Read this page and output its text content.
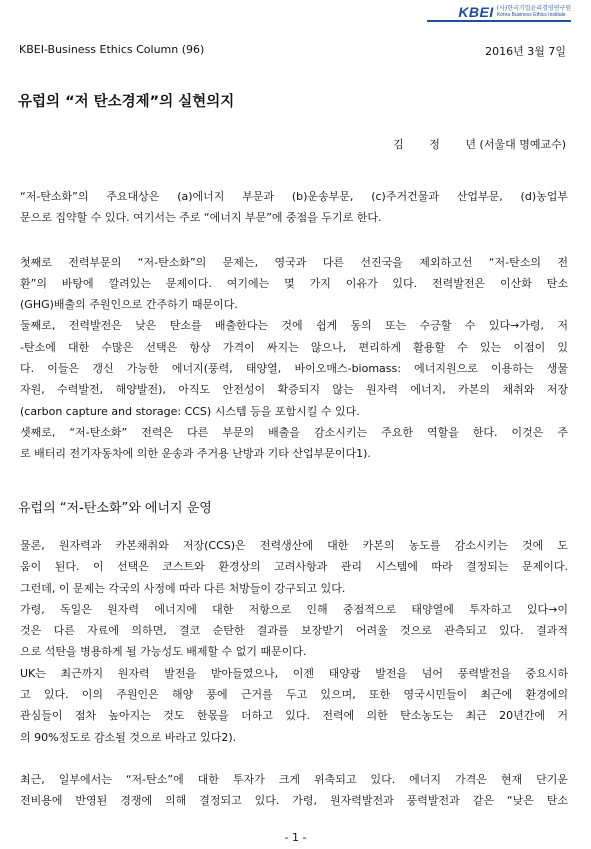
KBEI (사)한국기업윤리경영연구원
Korea Business Ethics Institute
KBEI-Business Ethics Column (96)	2016년 3월 7일
유럽의 “저 탄소경제”의 실현의지
김 정 년 (서울대 명예교수)

“저-탄소화”의 주요대상은 (a)에너지 부문과 (b)운송부문, (c)주거건물과 산업부문, (d)농업부

문으로 집약할 수 있다. 여기서는 주로 “에너지 부문”에 중점을 두기로 한다.

첫째로 전력부문의 “저-탄소화”의 문제는, 영국과 다른 선진국을 제외하고선 “저-탄소의 전

환”의 바탕에 깔려있는 문제이다. 여기에는 몇 가지 이유가 있다. 전력발전은 이산화 탄소

(GHG)배출의 주원인으로 간주하기 때문이다.

둘째로, 전력발전은 낮은 탄소를 배출한다는 것에 쉽게 동의 또는 수긍할 수 있다→가령, 저

-탄소에 대한 수많은 선택은 항상 가격이 싸지는 않으나, 편리하게 활용할 수 있는 이점이 있

다. 이들은 갱신 가능한 에너지(풍력, 태양열, 바이오매스-biomass: 에너지원으로 이용하는 생물

자원, 수력발전, 해양발전), 아직도 안전성이 확증되지 않는 원자력 에너지, 카본의 채취와 저장

(carbon capture and storage: CCS) 시스템 등을 포함시킬 수 있다.

셋째로, “저-탄소화” 전력은 다른 부문의 배출을 감소시키는 주요한 역할을 한다. 이것은 주

로 배터리 전기자동차에 의한 운송과 주거용 난방과 기타 산업부문이다1).

유럽의 “저-탄소화”와 에너지 운영

물론, 원자력과 카본채취와 저장(CCS)은 전력생산에 대한 카본의 농도를 감소시키는 것에 도

움이 된다. 이 선택은 코스트와 환경상의 고려사항과 관리 시스템에 따라 결정되는 문제이다.

그런데, 이 문제는 각국의 사정에 따라 다른 처방들이 강구되고 있다.

가령, 독일은 원자력 에너지에 대한 저항으로 인해 중점적으로 태양열에 투자하고 있다→이

것은 다른 자료에 의하면, 결코 순탄한 결과를 보장받기 어려울 것으로 관측되고 있다. 결과적

으로 석탄을 병용하게 될 가능성도 배제할 수 없기 때문이다.

UK는 최근까지 원자력 발전을 받아들였으나, 이젠 태양광 발전을 넘어 풍력발전을 중요시하

고 있다. 이의 주원인은 해양 풍에 근거를 두고 있으며, 또한 영국시민들이 최근에 환경에의

관심들이 점차 높아지는 것도 한몫을 더하고 있다. 전력에 의한 탄소농도는 최근 20년간에 거

의 90%정도로 감소될 것으로 바라고 있다2).

최근, 일부에서는 “저-탄소”에 대한 투자가 크게 위축되고 있다. 에너지 가격은 현재 단기운

전비용에 반영된 경쟁에 의해 결정되고 있다. 가령, 원자력발전과 풍력발전과 같은 “낮은 탄소

- 1 -
